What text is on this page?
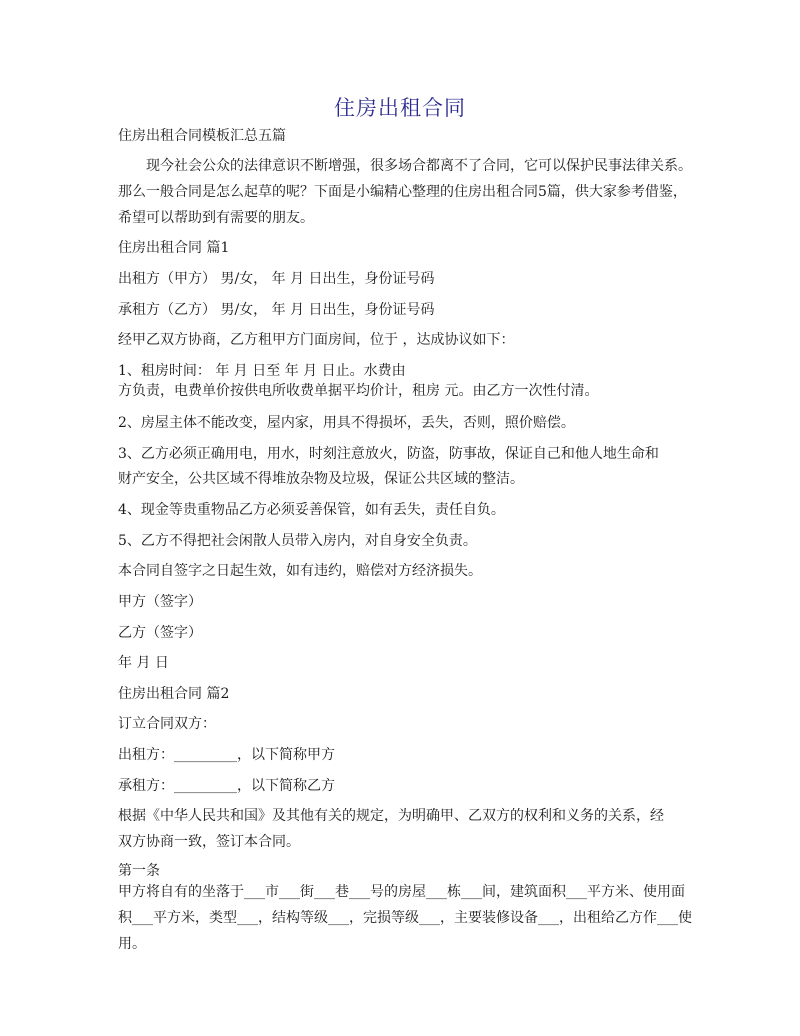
住房出租合同
住房出租合同模板汇总五篇
现今社会公众的法律意识不断增强，很多场合都离不了合同，它可以保护民事法律关系。
那么一般合同是怎么起草的呢？下面是小编精心整理的住房出租合同5篇，供大家参考借鉴，
希望可以帮助到有需要的朋友。
住房出租合同 篇1
出租方（甲方） 男/女， 年 月 日出生，身份证号码
承租方（乙方） 男/女， 年 月 日出生，身份证号码
经甲乙双方协商，乙方租甲方门面房间，位于 ，达成协议如下：
1、租房时间： 年 月 日至 年 月 日止。水费由
方负责，电费单价按供电所收费单据平均价计，租房 元。由乙方一次性付清。
2、房屋主体不能改变，屋内家，用具不得损坏，丢失，否则，照价赔偿。
3、乙方必须正确用电，用水，时刻注意放火，防盗，防事故，保证自己和他人地生命和
财产安全，公共区域不得堆放杂物及垃圾，保证公共区域的整洁。
4、现金等贵重物品乙方必须妥善保管，如有丢失，责任自负。
5、乙方不得把社会闲散人员带入房内，对自身安全负责。
本合同自签字之日起生效，如有违约，赔偿对方经济损失。
甲方（签字）
乙方（签字）
年 月 日
住房出租合同 篇2
订立合同双方：
出租方：_________，以下简称甲方
承租方：_________，以下简称乙方
根据《中华人民共和国》及其他有关的规定，为明确甲、乙双方的权利和义务的关系，经
双方协商一致，签订本合同。
第一条
甲方将自有的坐落于___市___街___巷___号的房屋___栋___间，建筑面积___平方米、使用面
积___平方米，类型___，结构等级___，完损等级___，主要装修设备___，出租给乙方作___使
用。
